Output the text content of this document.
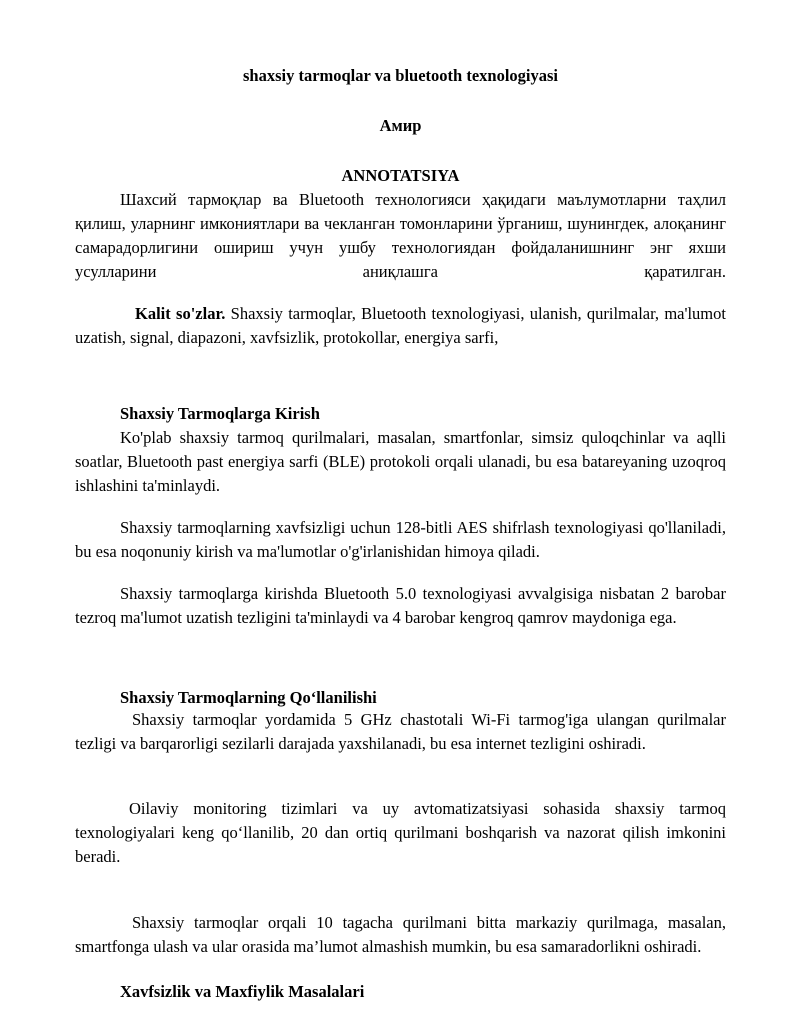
shaxsiy tarmoqlar va bluetooth texnologiyasi

Амир

ANNOTATSIYA

Шахсий тармоқлар ва Bluetooth технологияси ҳақидаги маълумотларни таҳлил қилиш, уларнинг имкониятлари ва чекланган томонларини ўрганиш, шунингдек, алоқанинг самарадорлигини ошириш учун ушбу технологиядан фойдаланишнинг энг яхши усулларини аниқлашга қаратилган.

Kalit so'zlar. Shaxsiy tarmoqlar, Bluetooth texnologiyasi, ulanish, qurilmalar, ma'lumot uzatish, signal, diapazoni, xavfsizlik, protokollar, energiya sarfi,

Shaxsiy Tarmoqlarga Kirish

Ko'plab shaxsiy tarmoq qurilmalari, masalan, smartfonlar, simsiz quloqchinlar va aqlli soatlar, Bluetooth past energiya sarfi (BLE) protokoli orqali ulanadi, bu esa batareyaning uzoqroq ishlashini ta'minlaydi.

Shaxsiy tarmoqlarning xavfsizligi uchun 128-bitli AES shifrlash texnologiyasi qo'llaniladi, bu esa noqonuniy kirish va ma'lumotlar o'g'irlanishidan himoya qiladi.

Shaxsiy tarmoqlarga kirishda Bluetooth 5.0 texnologiyasi avvalgisiga nisbatan 2 barobar tezroq ma'lumot uzatish tezligini ta'minlaydi va 4 barobar kengroq qamrov maydoniga ega.

Shaxsiy Tarmoqlarning Qo‘llanilishi

Shaxsiy tarmoqlar yordamida 5 GHz chastotali Wi-Fi tarmog'iga ulangan qurilmalar tezligi va barqarorligi sezilarli darajada yaxshilanadi, bu esa internet tezligini oshiradi.

Oilaviy monitoring tizimlari va uy avtomatizatsiyasi sohasida shaxsiy tarmoq texnologiyalari keng qo‘llanilib, 20 dan ortiq qurilmani boshqarish va nazorat qilish imkonini beradi.

Shaxsiy tarmoqlar orqali 10 tagacha qurilmani bitta markaziy qurilmaga, masalan, smartfonga ulash va ular orasida ma’lumot almashish mumkin, bu esa samaradorlikni oshiradi.

Xavfsizlik va Maxfiylik Masalalari
